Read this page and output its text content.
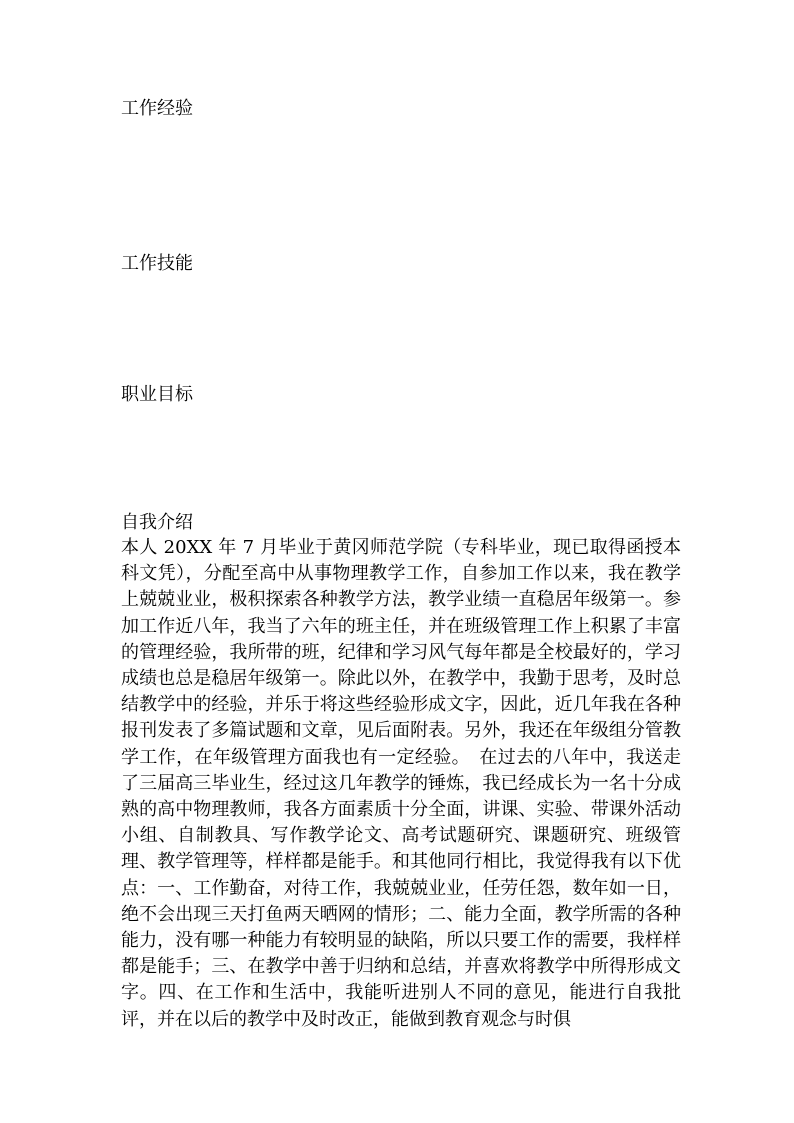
工作经验
工作技能
职业目标
自我介绍

本人 20XX 年 7 月毕业于黄冈师范学院（专科毕业，现已取得函授本科文凭），分配至高中从事物理教学工作，自参加工作以来，我在教学上兢兢业业，极积探索各种教学方法，教学业绩一直稳居年级第一。参加工作近八年，我当了六年的班主任，并在班级管理工作上积累了丰富的管理经验，我所带的班，纪律和学习风气每年都是全校最好的，学习成绩也总是稳居年级第一。除此以外，在教学中，我勤于思考，及时总结教学中的经验，并乐于将这些经验形成文字，因此，近几年我在各种报刊发表了多篇试题和文章，见后面附表。另外，我还在年级组分管教学工作，在年级管理方面我也有一定经验。　在过去的八年中，我送走了三届高三毕业生，经过这几年教学的锤炼，我已经成长为一名十分成熟的高中物理教师，我各方面素质十分全面，讲课、实验、带课外活动小组、自制教具、写作教学论文、高考试题研究、课题研究、班级管理、教学管理等，样样都是能手。和其他同行相比，我觉得我有以下优点：一、工作勤奋，对待工作，我兢兢业业，任劳任怨，数年如一日，绝不会出现三天打鱼两天晒网的情形；二、能力全面，教学所需的各种能力，没有哪一种能力有较明显的缺陷，所以只要工作的需要，我样样都是能手；三、在教学中善于归纳和总结，并喜欢将教学中所得形成文字。四、在工作和生活中，我能听进别人不同的意见，能进行自我批评，并在以后的教学中及时改正，能做到教育观念与时俱
